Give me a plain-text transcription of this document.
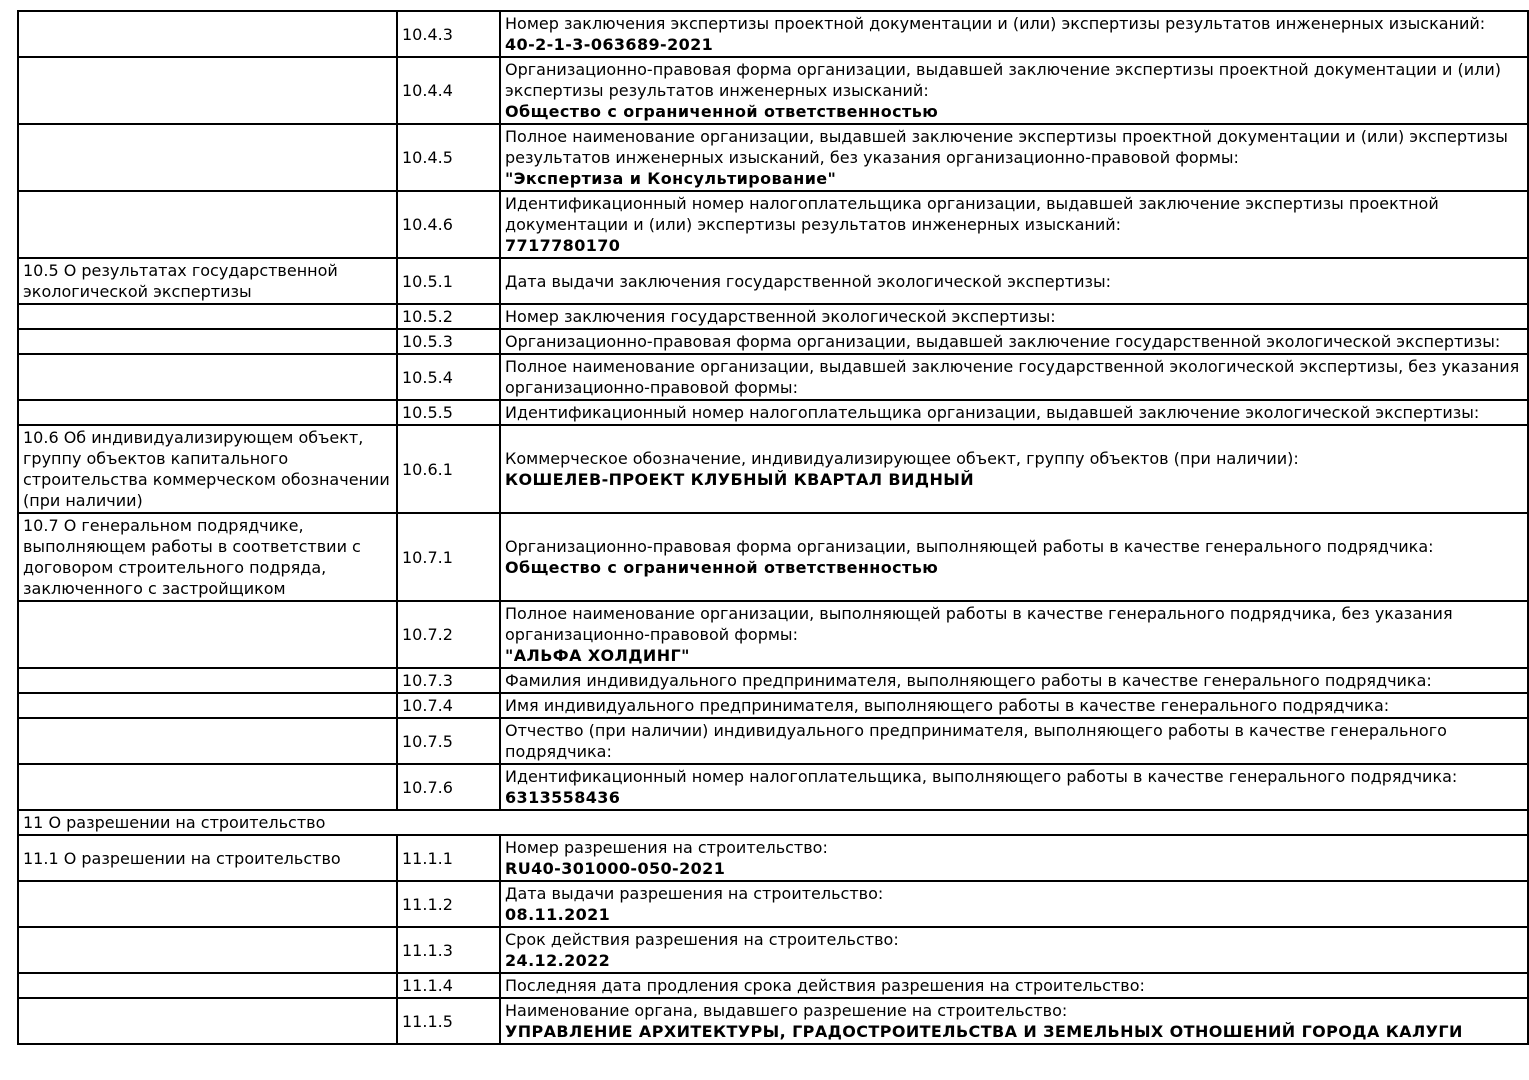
	10.4.3	Номер заключения экспертизы проектной документации и (или) экспертизы результатов инженерных изысканий:
40-2-1-3-063689-2021

	10.4.4	Организационно-правовая форма организации, выдавшей заключение экспертизы проектной документации и (или) экспертизы результатов инженерных изысканий:
Общество с ограниченной ответственностью

	10.4.5	Полное наименование организации, выдавшей заключение экспертизы проектной документации и (или) экспертизы результатов инженерных изысканий, без указания организационно-правовой формы:
"Экспертиза и Консультирование"

	10.4.6	Идентификационный номер налогоплательщика организации, выдавшей заключение экспертизы проектной документации и (или) экспертизы результатов инженерных изысканий:
7717780170

10.5 О результатах государственной экологической экспертизы	10.5.1	Дата выдачи заключения государственной экологической экспертизы:

	10.5.2	Номер заключения государственной экологической экспертизы:

	10.5.3	Организационно-правовая форма организации, выдавшей заключение государственной экологической экспертизы:

	10.5.4	Полное наименование организации, выдавшей заключение государственной экологической экспертизы, без указания организационно-правовой формы:

	10.5.5	Идентификационный номер налогоплательщика организации, выдавшей заключение экологической экспертизы:

10.6 Об индивидуализирующем объект, группу объектов капитального строительства коммерческом обозначении (при наличии)	10.6.1	Коммерческое обозначение, индивидуализирующее объект, группу объектов (при наличии):
КОШЕЛЕВ-ПРОЕКТ КЛУБНЫЙ КВАРТАЛ ВИДНЫЙ

10.7 О генеральном подрядчике, выполняющем работы в соответствии с договором строительного подряда, заключенного с застройщиком	10.7.1	Организационно-правовая форма организации, выполняющей работы в качестве генерального подрядчика:
Общество с ограниченной ответственностью

	10.7.2	Полное наименование организации, выполняющей работы в качестве генерального подрядчика, без указания организационно-правовой формы:
"АЛЬФА ХОЛДИНГ"

	10.7.3	Фамилия индивидуального предпринимателя, выполняющего работы в качестве генерального подрядчика:

	10.7.4	Имя индивидуального предпринимателя, выполняющего работы в качестве генерального подрядчика:

	10.7.5	Отчество (при наличии) индивидуального предпринимателя, выполняющего работы в качестве генерального подрядчика:

	10.7.6	Идентификационный номер налогоплательщика, выполняющего работы в качестве генерального подрядчика:
6313558436

11 О разрешении на строительство		
11.1 О разрешении на строительство	11.1.1	Номер разрешения на строительство:
RU40-301000-050-2021

	11.1.2	Дата выдачи разрешения на строительство:
08.11.2021

	11.1.3	Срок действия разрешения на строительство:
24.12.2022

	11.1.4	Последняя дата продления срока действия разрешения на строительство:

	11.1.5	Наименование органа, выдавшего разрешение на строительство:
УПРАВЛЕНИЕ АРХИТЕКТУРЫ, ГРАДОСТРОИТЕЛЬСТВА И ЗЕМЕЛЬНЫХ ОТНОШЕНИЙ ГОРОДА КАЛУГИ
